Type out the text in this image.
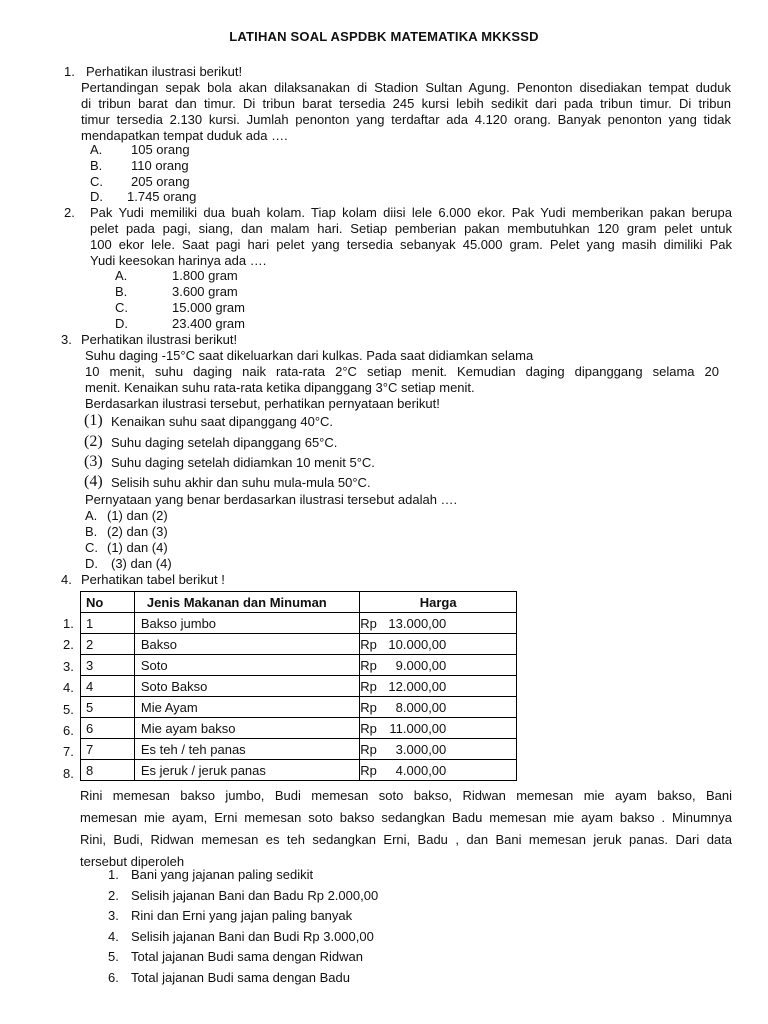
LATIHAN SOAL ASPDBK MATEMATIKA MKKSSD
1. Perhatikan ilustrasi berikut!
Pertandingan sepak bola akan dilaksanakan di Stadion Sultan Agung. Penonton disediakan tempat duduk
di tribun barat dan timur. Di tribun barat tersedia 245 kursi lebih sedikit dari pada tribun timur. Di tribun
timur tersedia 2.130 kursi. Jumlah penonton yang terdaftar ada 4.120 orang. Banyak penonton yang tidak
mendapatkan tempat duduk ada ….
A. 105 orang
B. 110 orang
C. 205 orang
D. 1.745 orang
2. Pak Yudi memiliki dua buah kolam. Tiap kolam diisi lele 6.000 ekor. Pak Yudi memberikan pakan berupa
pelet pada pagi, siang, dan malam hari. Setiap pemberian pakan membutuhkan 120 gram pelet untuk
100 ekor lele. Saat pagi hari pelet yang tersedia sebanyak 45.000 gram. Pelet yang masih dimiliki Pak
Yudi keesokan harinya ada ….
A.	1.800 gram
B.	3.600 gram
C.	15.000 gram
D.	23.400 gram
3. Perhatikan ilustrasi berikut!
Suhu daging -15°C saat dikeluarkan dari kulkas. Pada saat didiamkan selama
10 menit, suhu daging naik rata-rata 2°C setiap menit. Kemudian daging dipanggang selama 20
menit. Kenaikan suhu rata-rata ketika dipanggang 3°C setiap menit.
Berdasarkan ilustrasi tersebut, perhatikan pernyataan berikut!
(1) Kenaikan suhu saat dipanggang 40°C.
(2) Suhu daging setelah dipanggang 65°C.
(3) Suhu daging setelah didiamkan 10 menit 5°C.
(4) Selisih suhu akhir dan suhu mula-mula 50°C.
Pernyataan yang benar berdasarkan ilustrasi tersebut adalah ….
A. (1) dan (2)
B. (2) dan (3)
C. (1) dan (4)
D. (3) dan (4)
4. Perhatikan tabel berikut !
No	Jenis Makanan dan Minuman	Harga
1	Bakso jumbo	Rp 13.000,00
2	Bakso	Rp 10.000,00
3	Soto	Rp 9.000,00
4	Soto Bakso	Rp 12.000,00
5	Mie Ayam	Rp 8.000,00
6	Mie ayam bakso	Rp 11.000,00
7	Es teh / teh panas	Rp 3.000,00
8	Es jeruk / jeruk panas	Rp 4.000,00
1.
2.
3.
4.
5.
6.
7.
8.
Rini memesan bakso jumbo, Budi memesan soto bakso, Ridwan memesan mie ayam bakso, Bani
memesan mie ayam, Erni memesan soto bakso sedangkan Badu memesan mie ayam bakso . Minumnya
Rini, Budi, Ridwan memesan es teh sedangkan Erni, Badu , dan Bani memesan jeruk panas. Dari data
tersebut diperoleh
1. Bani yang jajanan paling sedikit
2. Selisih jajanan Bani dan Badu Rp 2.000,00
3. Rini dan Erni yang jajan paling banyak
4. Selisih jajanan Bani dan Budi Rp 3.000,00
5. Total jajanan Budi sama dengan Ridwan
6. Total jajanan Budi sama dengan Badu
